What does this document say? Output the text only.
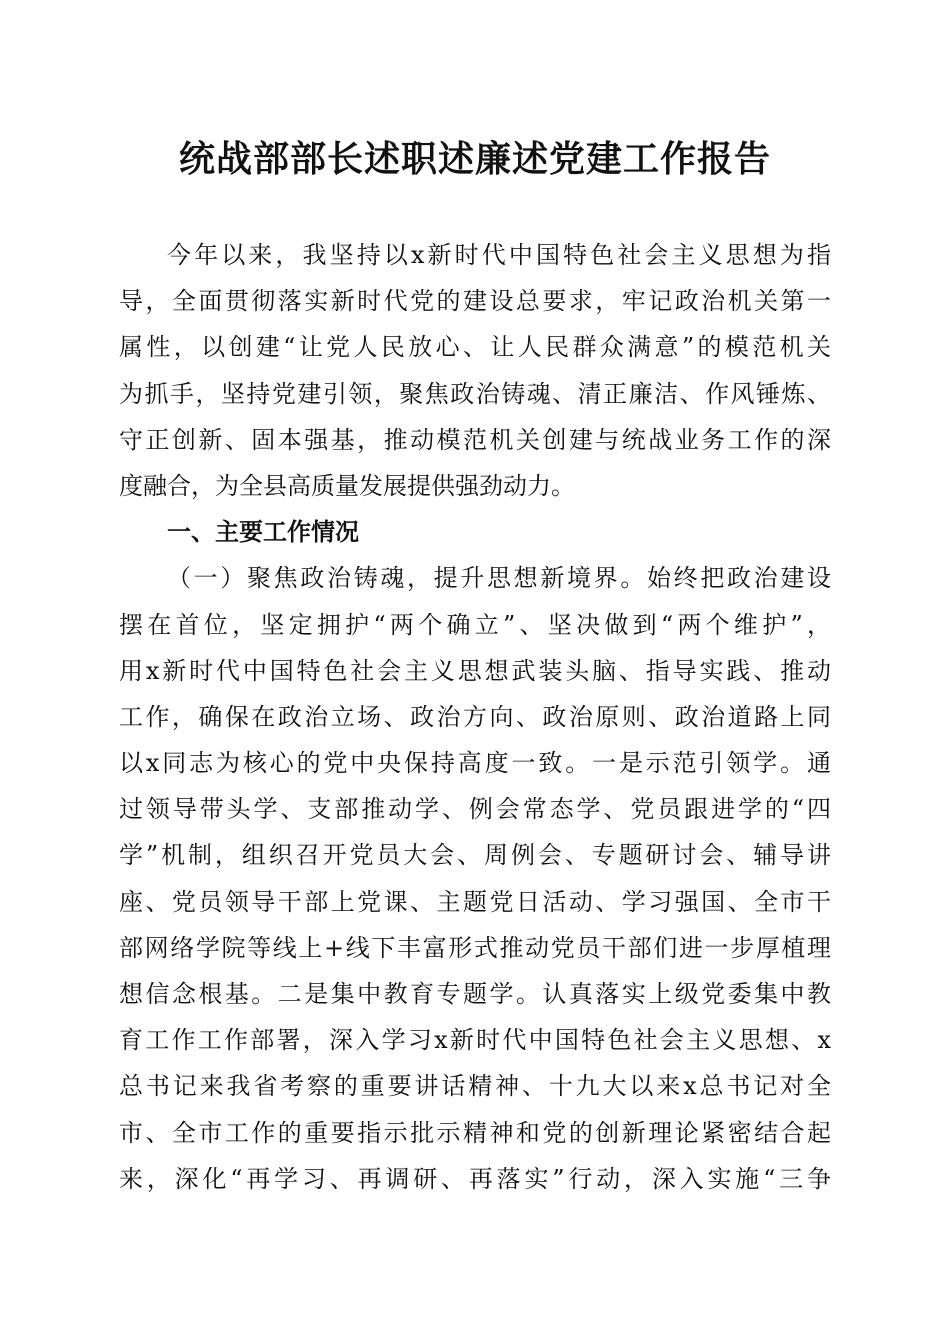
统战部部长述职述廉述党建工作报告
今年以来，我坚持以x新时代中国特色社会主义思想为指
导，全面贯彻落实新时代党的建设总要求，牢记政治机关第一
属性，以创建“让党人民放心、让人民群众满意”的模范机关
为抓手，坚持党建引领，聚焦政治铸魂、清正廉洁、作风锤炼、
守正创新、固本强基，推动模范机关创建与统战业务工作的深
度融合，为全县高质量发展提供强劲动力。
一、主要工作情况
（一）聚焦政治铸魂，提升思想新境界。始终把政治建设
摆在首位，坚定拥护“两个确立”、坚决做到“两个维护”，
用x新时代中国特色社会主义思想武装头脑、指导实践、推动
工作，确保在政治立场、政治方向、政治原则、政治道路上同
以x同志为核心的党中央保持高度一致。一是示范引领学。通
过领导带头学、支部推动学、例会常态学、党员跟进学的“四
学”机制，组织召开党员大会、周例会、专题研讨会、辅导讲
座、党员领导干部上党课、主题党日活动、学习强国、全市干
部网络学院等线上+线下丰富形式推动党员干部们进一步厚植理
想信念根基。二是集中教育专题学。认真落实上级党委集中教
育工作工作部署，深入学习x新时代中国特色社会主义思想、x
总书记来我省考察的重要讲话精神、十九大以来x总书记对全
市、全市工作的重要指示批示精神和党的创新理论紧密结合起
来，深化“再学习、再调研、再落实”行动，深入实施“三争
